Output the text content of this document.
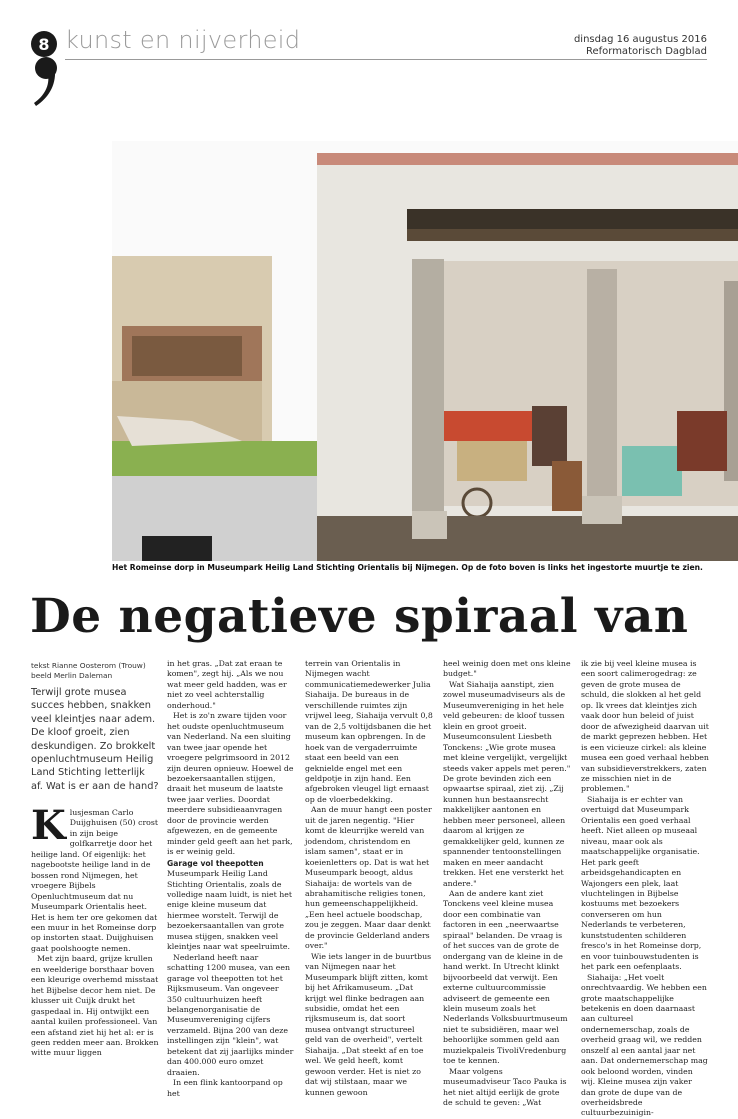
8 kunst en nijverheid	dinsdag 16 augustus 2016
Reformatorisch Dagblad
Het Romeinse dorp in Museumpark Heilig Land Stichting Orientalis bij Nijmegen. Op de foto boven is links het ingestorte muurtje te zien.
De negatieve spiraal van
tekst Rianne Oosterom (Trouw)
beeld Merlin Daleman

Terwijl grote musea succes hebben, snakken veel kleintjes naar adem. De kloof groeit, zien deskundigen. Zo brokkelt openluchtmuseum Heilig Land Stichting letterlijk af. Wat is er aan de hand?

K lusjesman Carlo Duijghuisen (50) crost in zijn beige golfkarretje door het heilige land. Of eigenlijk: het nagebootste heilige land in de bossen rond Nijmegen, het vroegere Bijbels Openluchtmuseum dat nu Museumpark Orientalis heet. Het is hem ter ore gekomen dat een muur in het Romeinse dorp op instorten staat. Duijghuisen gaat poolshoogte nemen.

Met zijn baard, grijze krullen en weelderige borsthaar boven een kleurige overhemd misstaat het Bijbelse decor hem niet. De klusser uit Cuijk drukt het gaspedaal in. Hij ontwijkt een aantal kuilen professioneel. Van een afstand ziet hij het al: er is geen redden meer aan. Brokken witte muur liggen

in het gras. „Dat zat eraan te komen", zegt hij. „Als we nou wat meer geld hadden, was er niet zo veel achterstallig onderhoud."

Het is zo'n zware tijden voor het oudste openluchtmuseum van Nederland. Na een sluiting van twee jaar opende het vroegere pelgrimsoord in 2012 zijn deuren opnieuw. Hoewel de bezoekersaantallen stijgen, draait het museum de laatste twee jaar verlies. Doordat meerdere subsidieaanvragen door de provincie werden afgewezen, en de gemeente minder geld geeft aan het park, is er weinig geld.

Garage vol theepotten

Museumpark Heilig Land Stichting Orientalis, zoals de volledige naam luidt, is niet het enige kleine museum dat hiermee worstelt. Terwijl de bezoekersaantallen van grote musea stijgen, snakken veel kleintjes naar wat speelruimte.

Nederland heeft naar schatting 1200 musea, van een garage vol theepotten tot het Rijksmuseum. Van ongeveer 350 cultuurhuizen heeft belangenorganisatie de Museumvereniging cijfers verzameld. Bijna 200 van deze instellingen zijn "klein", wat betekent dat zij jaarlijks minder dan 400.000 euro omzet draaien.

In een flink kantoorpand op het

terrein van Orientalis in Nijmegen wacht communicatiemedewerker Julia Siahaija. De bureaus in de verschillende ruimtes zijn vrijwel leeg, Siahaija vervult 0,8 van de 2,5 voltijdsbanen die het museum kan opbrengen. In de hoek van de vergaderruimte staat een beeld van een geknielde engel met een geldpotje in zijn hand. Een afgebroken vleugel ligt ernaast op de vloerbedekking.

Aan de muur hangt een poster uit de jaren negentig. "Hier komt de kleurrijke wereld van jodendom, christendom en islam samen", staat er in koeienletters op. Dat is wat het Museumpark beoogt, aldus Siahaija: de wortels van de abrahamitische religies tonen, hun gemeenschappelijkheid. „Een heel actuele boodschap, zou je zeggen. Maar daar denkt de provincie Gelderland anders over."

Wie iets langer in de buurtbus van Nijmegen naar het Museumpark blijft zitten, komt bij het Afrikamuseum. „Dat krijgt wel flinke bedragen aan subsidie, omdat het een rijksmuseum is, dat soort musea ontvangt structureel geld van de overheid", vertelt Siahaija. „Dat steekt af en toe wel. We geld heeft, komt gewoon verder. Het is niet zo dat wij stilstaan, maar we kunnen gewoon

heel weinig doen met ons kleine budget."

Wat Siahaija aanstipt, zien zowel museumadviseurs als de Museumvereniging in het hele veld gebeuren: de kloof tussen klein en groot groeit. Museumconsulent Liesbeth Tonckens: „Wie grote musea met kleine vergelijkt, vergelijkt steeds vaker appels met peren." De grote bevinden zich een opwaartse spiraal, ziet zij. „Zij kunnen hun bestaansrecht makkelijker aantonen en hebben meer personeel, alleen daarom al krijgen ze gemakkelijker geld, kunnen ze spannender tentoonstellingen maken en meer aandacht trekken. Het ene versterkt het andere."

Aan de andere kant ziet Tonckens veel kleine musea door een combinatie van factoren in een „neerwaartse spiraal" belanden. De vraag is of het succes van de grote de ondergang van de kleine in de hand werkt. In Utrecht klinkt bijvoorbeeld dat verwijt. Een externe cultuurcommissie adviseert de gemeente een klein museum zoals het Nederlands Volksbuurtmuseum niet te subsidiëren, maar wel behoorlijke sommen geld aan muziekpaleis TivoliVredenburg toe te kennen.

Maar volgens museumadviseur Taco Pauka is het niet altijd eerlijk de grote de schuld te geven: „Wat

ik zie bij veel kleine musea is een soort calimerogedrag: ze geven de grote musea de schuld, die slokken al het geld op. Ik vrees dat kleintjes zich vaak door hun beleid of juist door de afwezigheid daarvan uit de markt geprezen hebben. Het is een vicieuze cirkel: als kleine musea een goed verhaal hebben van subsidieverstrekkers, zaten ze misschien niet in de problemen."

Siahaija is er echter van overtuigd dat Museumpark Orientalis een goed verhaal heeft. Niet alleen op museaal niveau, maar ook als maatschappelijke organisatie. Het park geeft arbeidsgehandicapten en Wajongers een plek, laat vluchtelingen in Bijbelse kostuums met bezoekers converseren om hun Nederlands te verbeteren, kunststudenten schilderen fresco's in het Romeinse dorp, en voor tuinbouwstudenten is het park een oefenplaats.

Siahaija: „Het voelt onrechtvaardig. We hebben een grote maatschappelijke betekenis en doen daarnaast aan cultureel ondernemerschap, zoals de overheid graag wil, we redden onszelf al een aantal jaar net aan. Dat ondernemerschap mag ook beloond worden, vinden wij. Kleine musea zijn vaker dan grote de dupe van de overheidsbrede cultuurbezuinigin-
